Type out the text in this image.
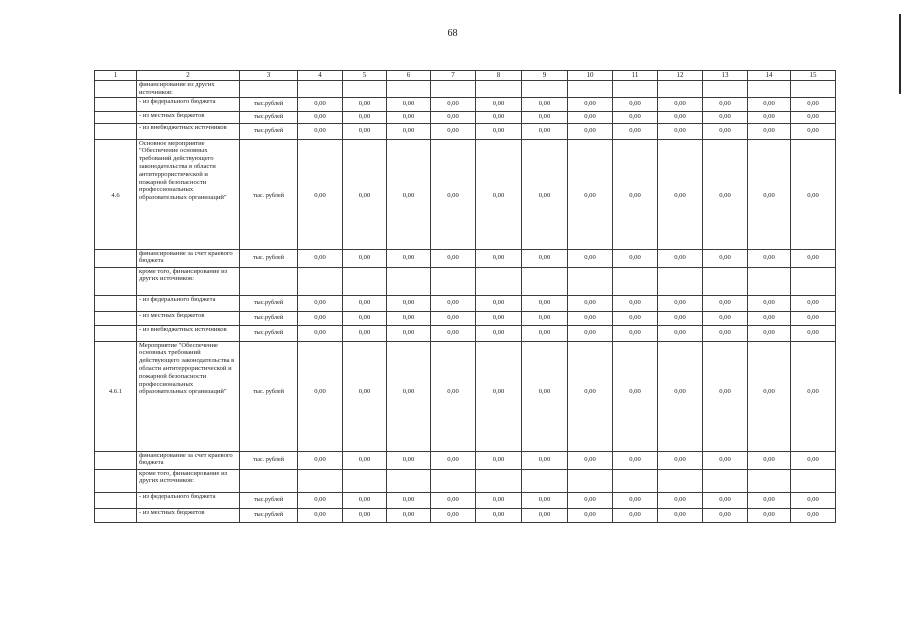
68
1	2	3	4	5	6	7	8	9	10	11	12	13	14	15
	финансирование из других источников:													
	- из федерального бюджета	тыс.рублей	0,00	0,00	0,00	0,00	0,00	0,00	0,00	0,00	0,00	0,00	0,00	0,00
	- из местных бюджетов	тыс.рублей	0,00	0,00	0,00	0,00	0,00	0,00	0,00	0,00	0,00	0,00	0,00	0,00
	- из внебюджетных источников	тыс.рублей	0,00	0,00	0,00	0,00	0,00	0,00	0,00	0,00	0,00	0,00	0,00	0,00
4.6	Основное мероприятие "Обеспечение основных требований действующего законодательства в области антитеррористической и пожарной безопасности профессиональных образовательных организаций"	тыс. рублей	0,00	0,00	0,00	0,00	0,00	0,00	0,00	0,00	0,00	0,00	0,00	0,00
	финансирование за счет краевого бюджета	тыс. рублей	0,00	0,00	0,00	0,00	0,00	0,00	0,00	0,00	0,00	0,00	0,00	0,00
	кроме того, финансирование из других источников:													
	- из федерального бюджета	тыс.рублей	0,00	0,00	0,00	0,00	0,00	0,00	0,00	0,00	0,00	0,00	0,00	0,00
	- из местных бюджетов	тыс.рублей	0,00	0,00	0,00	0,00	0,00	0,00	0,00	0,00	0,00	0,00	0,00	0,00
	- из внебюджетных источников	тыс.рублей	0,00	0,00	0,00	0,00	0,00	0,00	0,00	0,00	0,00	0,00	0,00	0,00
4.6.1	Мероприятие "Обеспечение основных требований действующего законодательства в области антитеррористической и пожарной безопасности профессиональных образовательных организаций"	тыс. рублей	0,00	0,00	0,00	0,00	0,00	0,00	0,00	0,00	0,00	0,00	0,00	0,00
	финансирование за счет краевого бюджета	тыс. рублей	0,00	0,00	0,00	0,00	0,00	0,00	0,00	0,00	0,00	0,00	0,00	0,00
	кроме того, финансирование из других источников:													
	- из федерального бюджета	тыс.рублей	0,00	0,00	0,00	0,00	0,00	0,00	0,00	0,00	0,00	0,00	0,00	0,00
	- из местных бюджетов	тыс.рублей	0,00	0,00	0,00	0,00	0,00	0,00	0,00	0,00	0,00	0,00	0,00	0,00
